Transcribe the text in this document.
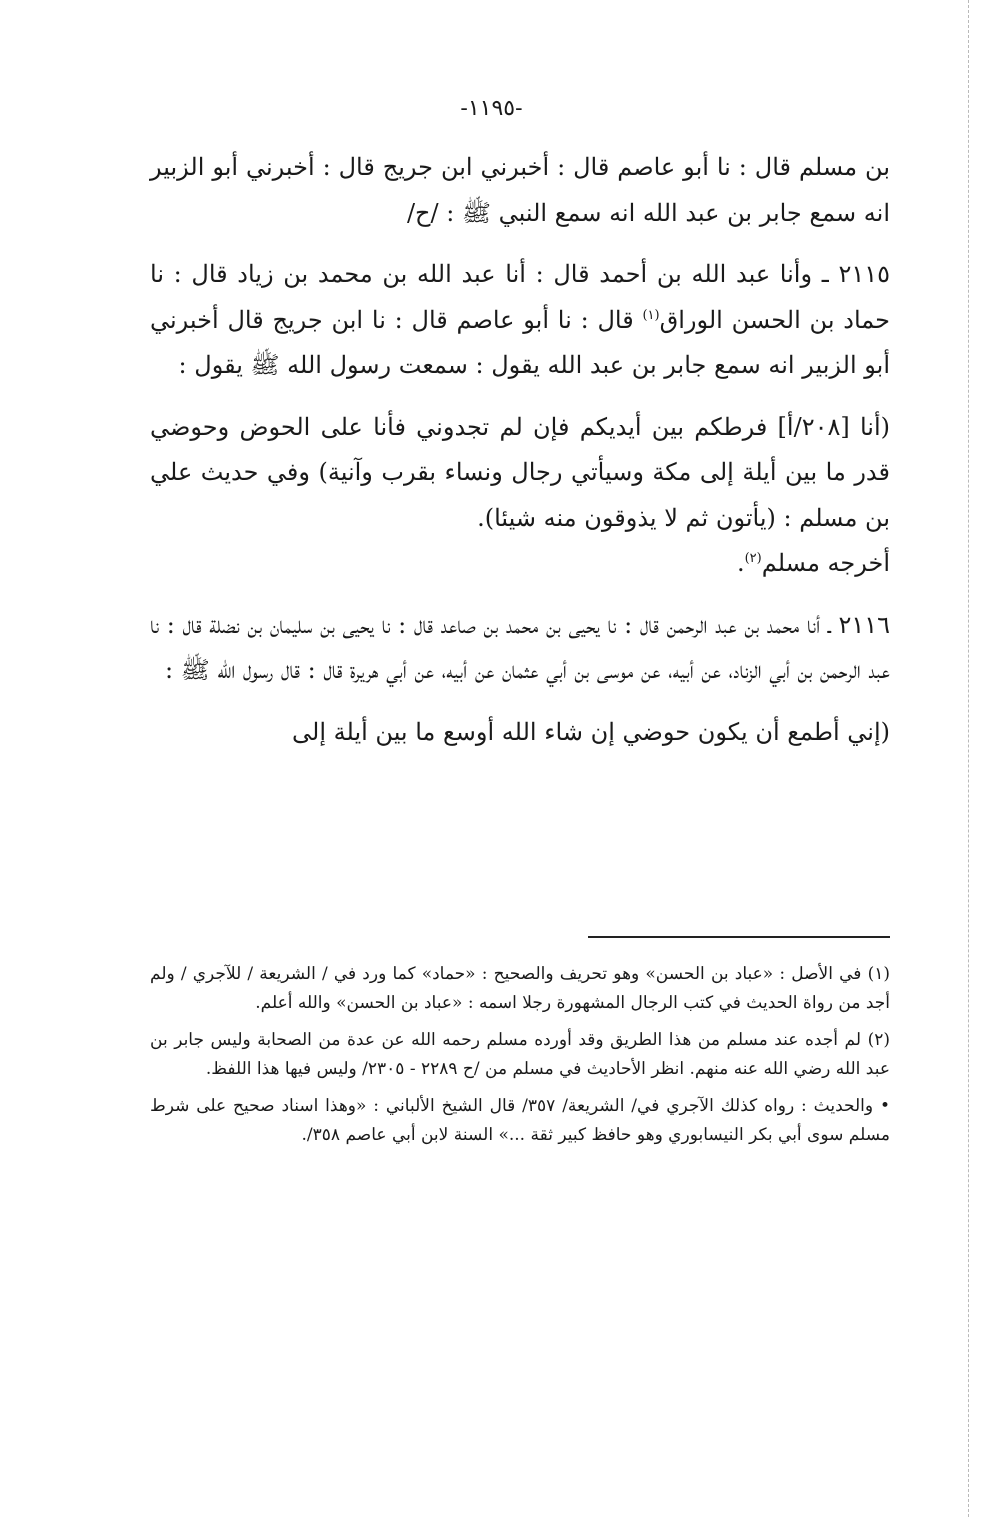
-١١٩٥-

بن مسلم قال : نا أبو عاصم قال : أخبرني ابن جريج قال : أخبرني أبو الزبير انه سمع جابر بن عبد الله انه سمع النبي ﷺ : /ح/

٢١١٥ ـ وأنا عبد الله بن أحمد قال : أنا عبد الله بن محمد بن زياد قال : نا حماد بن الحسن الوراق$^{(١)}$ قال : نا أبو عاصم قال : نا ابن جريج قال أخبرني أبو الزبير انه سمع جابر بن عبد الله يقول : سمعت رسول الله ﷺ يقول :

(أنا [٢٠٨/أ] فرطكم بين أيديكم فإن لم تجدوني فأنا على الحوض وحوضي قدر ما بين أيلة إلى مكة وسيأتي رجال ونساء بقرب وآنية) وفي حديث علي بن مسلم : (يأتون ثم لا يذوقون منه شيئا).

أخرجه مسلم$^{(٢)}$.

٢١١٦ ـ أنا محمد بن عبد الرحمن قال : نا يحيى بن محمد بن صاعد قال : نا يحيى بن سليمان بن نضلة قال : نا عبد الرحمن بن أبي الزناد، عن أبيه، عن موسى بن أبي عثمان عن أبيه، عن أبي هريرة قال : قال رسول الله ﷺ :

(إني أطمع أن يكون حوضي إن شاء الله أوسع ما بين أيلة إلى

(١) في الأصل : «عباد بن الحسن» وهو تحريف والصحيح : «حماد» كما ورد في / الشريعة / للآجري / ولم أجد من رواة الحديث في كتب الرجال المشهورة رجلا اسمه : «عباد بن الحسن» والله أعلم.

(٢) لم أجده عند مسلم من هذا الطريق وقد أورده مسلم رحمه الله عن عدة من الصحابة وليس جابر بن عبد الله رضي الله عنه منهم. انظر الأحاديث في مسلم من /ح ٢٢٨٩ - ٢٣٠٥/ وليس فيها هذا اللفظ.

• والحديث : رواه كذلك الآجري في/ الشريعة/ ٣٥٧/ قال الشيخ الألباني : «وهذا اسناد صحيح على شرط مسلم سوى أبي بكر النيسابوري وهو حافظ كبير ثقة ...» السنة لابن أبي عاصم ٣٥٨/.
